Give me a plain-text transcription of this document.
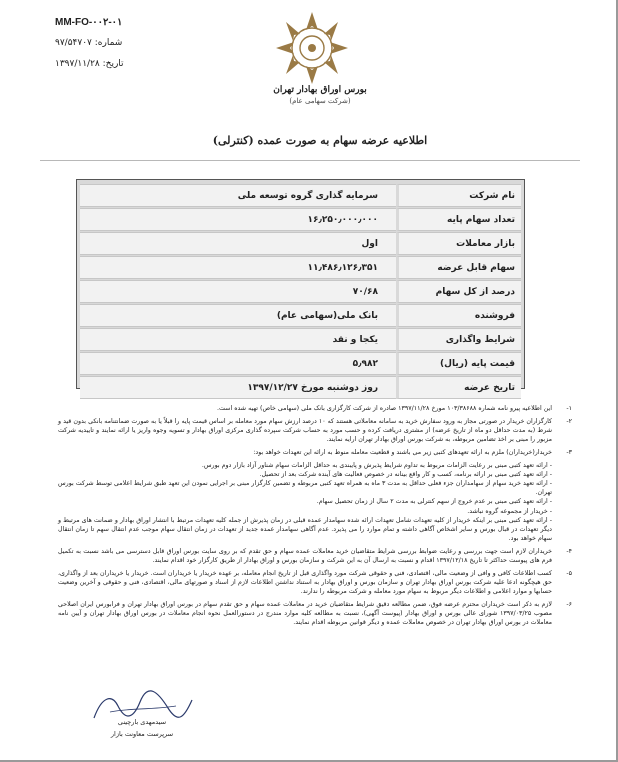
MM-FO-۰۰۲-۰۱
شماره: ۹۷/۵۴۷۰۷
تاریخ: ۱۳۹۷/۱۱/۲۸
بورس اوراق بهادار تهران
(شرکت سهامی عام)
اطلاعیه عرضه سهام به صورت عمده (کنترلی)
نام شرکت	سرمایه گذاری گروه توسعه ملی
تعداد سهام پایه	۱۶٫۲۵۰٫۰۰۰٫۰۰۰
بازار معاملات	اول
سهام قابل عرضه	۱۱٫۴۸۶٫۱۲۶٫۳۵۱
درصد از کل سهام	۷۰/۶۸
فروشنده	بانک ملی(سهامی عام)
شرایط واگذاری	یکجا و نقد
قیمت پایه (ریال)	۵٫۹۸۲
تاریخ عرضه	روز دوشنبه مورخ ۱۳۹۷/۱۲/۲۷
۱-
این اطلاعیه پیرو نامه شماره ۱۰۳/۳۸۶۸۸ مورخ ۱۳۹۷/۱۱/۲۸ صادره از شرکت کارگزاری بانک ملی (سهامی خاص) تهیه شده است.
۲-
کارگزاران خریدار در صورتی مجاز به ورود سفارش خرید به سامانه معاملاتی هستند که ۱۰ درصد ارزش سهام مورد معامله بر اساس قیمت پایه را قبلاً یا به صورت ضمانتنامه بانکی بدون قید و شرط (به مدت حداقل دو ماه از تاریخ عرضه) از مشتری دریافت کرده و حسب مورد به حساب شرکت سپرده گذاری مرکزی اوراق بهادار و تسویه وجوه واریز یا ارائه نمایند و تاییدیه شرکت مزبور را مبنی بر اخذ تضامین مربوطه، به شرکت بورس اوراق بهادار تهران ارایه نمایند.
۳-
خریدار(خریداران) ملزم به ارائه تعهدهای کتبی زیر می باشند و قطعیت معامله منوط به ارائه این تعهدات خواهد بود:
- ارائه تعهد کتبی مبنی بر رعایت الزامات مربوط به تداوم شرایط پذیرش و پایبندی به حداقل الزامات سهام شناور آزاد بازار دوم بورس.
- ارائه تعهد کتبی مبنی بر ارائه برنامه، کسب و کار واقع بینانه در خصوص فعالیت های آینده شرکت بعد از تحصیل.
- ارائه تعهد خرید سهام از سهامداران جزء فعلی حداقل به مدت ۳ ماه به همراه تعهد کتبی مربوطه و تضمین کارگزار مبنی بر اجرایی نمودن این تعهد طبق شرایط اعلامی توسط شرکت بورس تهران.
- ارائه تعهد کتبی مبنی بر عدم خروج از سهم کنترلی به مدت ۲ سال از زمان تحصیل سهام.
- خریدار از مجموعه گروه نباشد.
- ارائه تعهد کتبی مبنی بر اینکه خریدار از کلیه تعهدات شامل تعهدات ارائه شده سهامدار عمده قبلی در زمان پذیرش از جمله کلیه تعهدات مرتبط با انتشار اوراق بهادار و ضمانت های مرتبط و دیگر تعهدات در قبال بورس و سایر اشخاص آگاهی داشته و تمام موارد را می پذیرد. عدم آگاهی سهامدار عمده جدید از تعهدات در زمان انتقال سهام موجب عدم انتقال سهم تا زمان انتقال سهام خواهد بود.
۴-
خریداران لازم است جهت بررسی و رعایت ضوابط بررسی شرایط متقاضیان خرید معاملات عمده سهام و حق تقدم که بر روی سایت بورس اوراق قابل دسترسی می باشد نسبت به تکمیل فرم های پیوست حداکثر تا تاریخ ۱۳۹۷/۱۲/۱۸ اقدام و نسبت به ارسال آن به این شرکت و سازمان بورس و اوراق بهادار از طریق کارگزار خود اقدام نمایند.
۵-
کسب اطلاعات کافی و وافی از وضعیت مالی، اقتصادی، فنی و حقوقی شرکت مورد واگذاری قبل از تاریخ انجام معامله، بر عهده خریدار یا خریداران است. خریدار یا خریداران بعد از واگذاری، حق هیچگونه ادعا علیه شرکت بورس اوراق بهادار تهران و سازمان بورس و اوراق بهادار به استناد نداشتن اطلاعات لازم از اسناد و صورتهای مالی، اقتصادی، فنی و حقوقی و آخرین وضعیت حسابها و موارد اعلامی و اطلاعات دیگر مربوط به سهام مورد معامله و شرکت مربوطه را ندارند.
۶-
لازم به ذکر است خریداران محترم عرضه فوق، ضمن مطالعه دقیق شرایط متقاضیان خرید در معاملات عمده سهام و حق تقدم سهام در بورس اوراق بهادار تهران و فرابورس ایران اصلاحی مصوب ۱۳۹۷/۰۳/۲۵ شورای عالی بورس و اوراق بهادار (پیوست آگهی)، نسبت به مطالعه کلیه موارد مندرج در دستورالعمل نحوه انجام معاملات در بورس اوراق بهادار تهران و آیین نامه معاملات در بورس اوراق بهادار تهران در خصوص معاملات عمده و دیگر قوانین مربوطه اقدام نمایند.
سیدمهدی بارچینی
سرپرست معاونت بازار
